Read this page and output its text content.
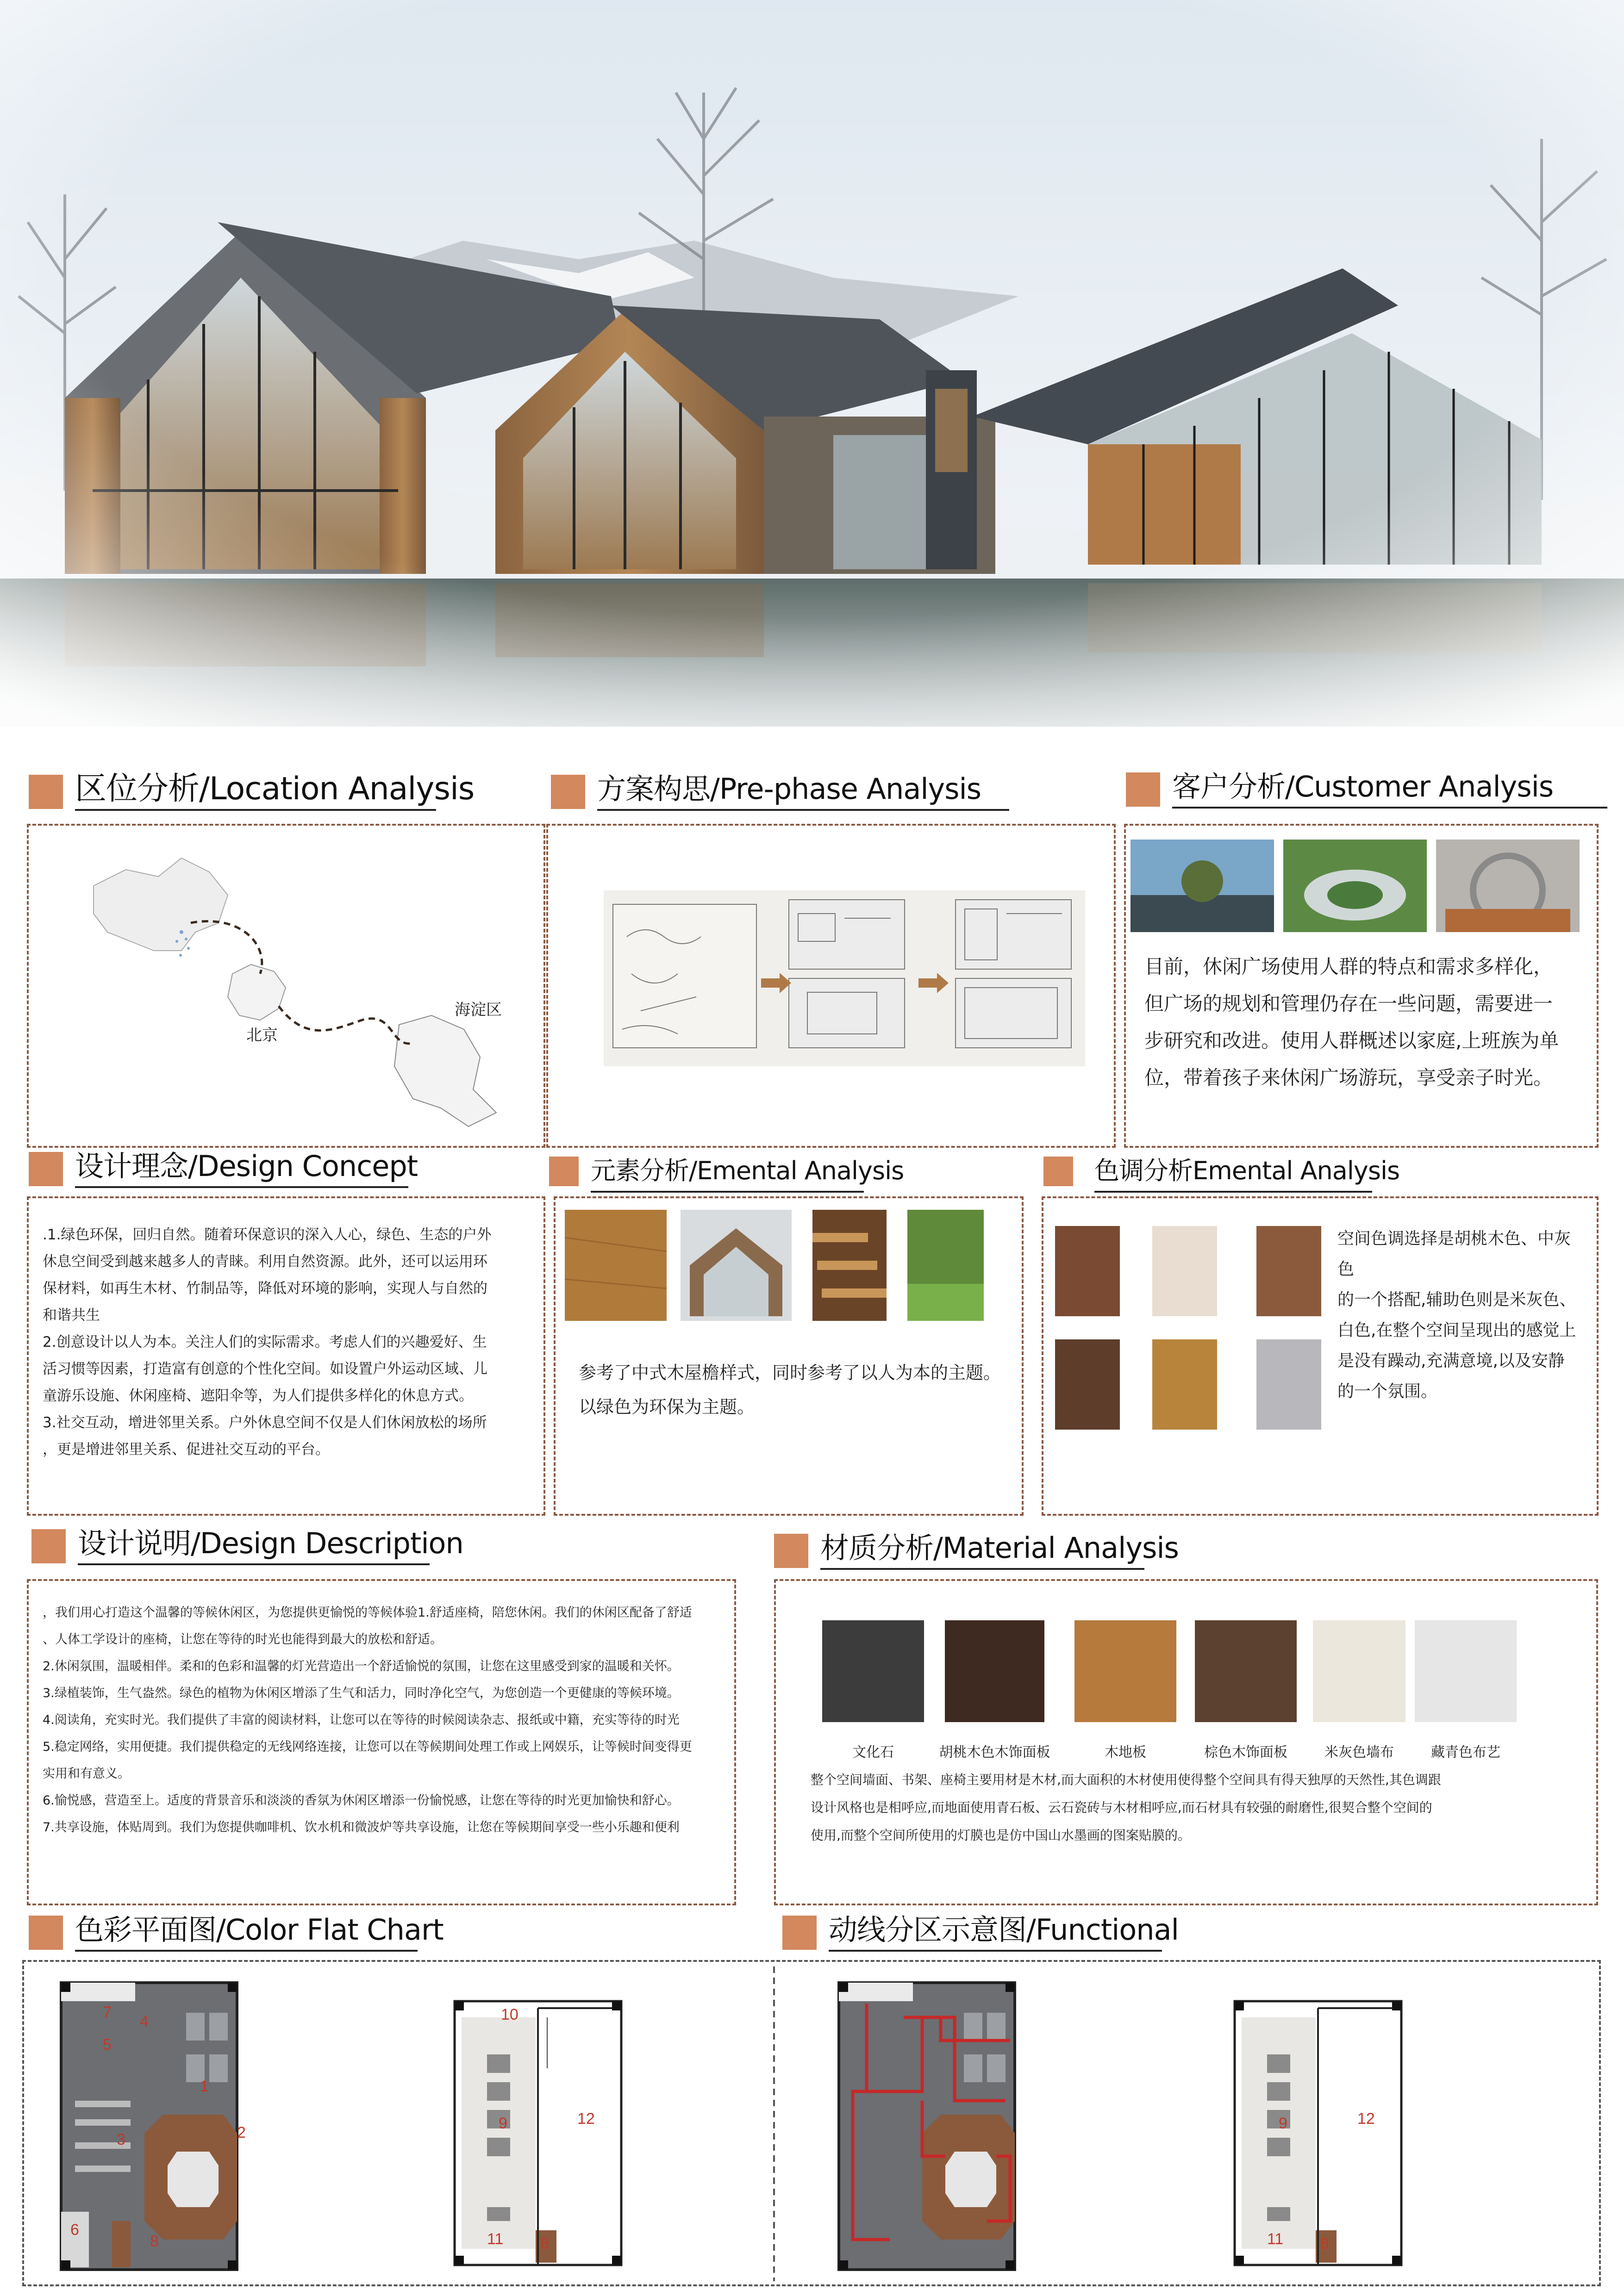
区位分析/Location Analysis	方案构思/Pre-phase Analysis	客户分析/Customer Analysis
北京
海淀区
目前，休闲广场使用人群的特点和需求多样化，但广场的规划和管理仍存在一些问题，需要进一步研究和改进。使用人群概述以家庭,上班族为单位，带着孩子来休闲广场游玩，享受亲子时光。
设计理念/Design Concept	元素分析/Emental Analysis	色调分析Emental Analysis
.1.绿色环保，回归自然。随着环保意识的深入人心，绿色、生态的户外
休息空间受到越来越多人的青睐。利用自然资源。此外，还可以运用环
保材料，如再生木材、竹制品等，降低对环境的影响，实现人与自然的
和谐共生
2.创意设计以人为本。关注人们的实际需求。考虑人们的兴趣爱好、生
活习惯等因素，打造富有创意的个性化空间。如设置户外运动区域、儿
童游乐设施、休闲座椅、遮阳伞等，为人们提供多样化的休息方式。
3.社交互动，增进邻里关系。户外休息空间不仅是人们休闲放松的场所
，更是增进邻里关系、促进社交互动的平台。
参考了中式木屋檐样式，同时参考了以人为本的主题。以绿色为环保为主题。
空间色调选择是胡桃木色、中灰
色
的一个搭配,辅助色则是米灰色、
白色,在整个空间呈现出的感觉上
是没有躁动,充满意境,以及安静
的一个氛围。
设计说明/Design Description	材质分析/Material Analysis
，我们用心打造这个温馨的等候休闲区，为您提供更愉悦的等候体验1.舒适座椅，陪您休闲。我们的休闲区配备了舒适
、人体工学设计的座椅，让您在等待的时光也能得到最大的放松和舒适。
2.休闲氛围，温暖相伴。柔和的色彩和温馨的灯光营造出一个舒适愉悦的氛围，让您在这里感受到家的温暖和关怀。
3.绿植装饰，生气盎然。绿色的植物为休闲区增添了生气和活力，同时净化空气，为您创造一个更健康的等候环境。
4.阅读角，充实时光。我们提供了丰富的阅读材料，让您可以在等待的时候阅读杂志、报纸或中籍，充实等待的时光
5.稳定网络，实用便捷。我们提供稳定的无线网络连接，让您可以在等候期间处理工作或上网娱乐，让等候时间变得更
实用和有意义。
6.愉悦感，营造至上。适度的背景音乐和淡淡的香氛为休闲区增添一份愉悦感，让您在等待的时光更加愉快和舒心。
7.共享设施，体贴周到。我们为您提供咖啡机、饮水机和微波炉等共享设施，让您在等候期间享受一些小乐趣和便利
文化石	胡桃木色木饰面板	木地板	棕色木饰面板	米灰色墙布	藏青色布艺
整个空间墙面、书架、座椅主要用材是木材,而大面积的木材使用使得整个空间具有得天独厚的天然性,其色调跟
设计风格也是相呼应,而地面使用青石板、云石瓷砖与木材相呼应,而石材具有较强的耐磨性,很契合整个空间的
使用,而整个空间所使用的灯膜也是仿中国山水墨画的图案贴膜的。
色彩平面图/Color Flat Chart	动线分区示意图/Functional
4
7
5
2
3
1
6
8
10
9	12
11 8
9	12
11 8
